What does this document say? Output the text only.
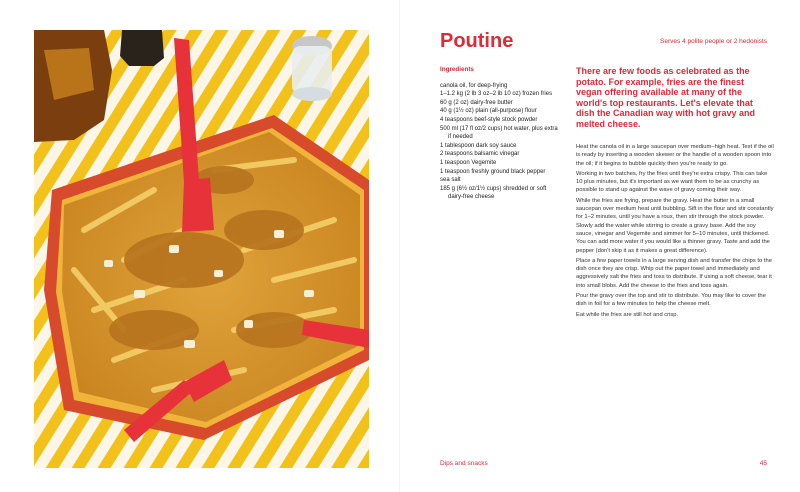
Poutine	Serves 4 polite people or 2 hedonists
Ingredients
canola oil, for deep-frying
1–1.2 kg (2 lb 3 oz–2 lb 10 oz) frozen fries
60 g (2 oz) dairy-free butter
40 g (1½ oz) plain (all-purpose) flour
4 teaspoons beef-style stock powder
500 ml (17 fl oz/2 cups) hot water, plus extra if needed
1 tablespoon dark soy sauce
2 teaspoons balsamic vinegar
1 teaspoon Vegemite
1 teaspoon freshly ground black pepper
sea salt
185 g (6½ oz/1½ cups) shredded or soft dairy-free cheese

There are few foods as celebrated as the potato. For example, fries are the finest vegan offering available at many of the world's top restaurants. Let's elevate that dish the Canadian way with hot gravy and melted cheese.

Heat the canola oil in a large saucepan over medium–high heat. Test if the oil is ready by inserting a wooden skewer or the handle of a wooden spoon into the oil; if it begins to bubble quickly then you're ready to go.

Working in two batches, fry the fries until they're extra crispy. This can take 10 plus minutes, but it's important as we want them to be as crunchy as possible to stand up against the wave of gravy coming their way.

While the fries are frying, prepare the gravy. Heat the butter in a small saucepan over medium heat until bubbling. Sift in the flour and stir constantly for 1–2 minutes, until you have a roux, then stir through the stock powder. Slowly add the water while stirring to create a gravy base. Add the soy sauce, vinegar and Vegemite and simmer for 5–10 minutes, until thickened. You can add more water if you would like a thinner gravy. Taste and add the pepper (don't skip it as it makes a great difference).

Place a few paper towels in a large serving dish and transfer the chips to the dish once they are crisp. Whip out the paper towel and immediately and aggressively salt the fries and toss to distribute. If using a soft cheese, tear it into small blobs. Add the cheese to the fries and toss again.

Pour the gravy over the top and stir to distribute. You may like to cover the dish in foil for a few minutes to help the cheese melt.

Eat while the fries are still hot and crisp.

Dips and snacks	45
